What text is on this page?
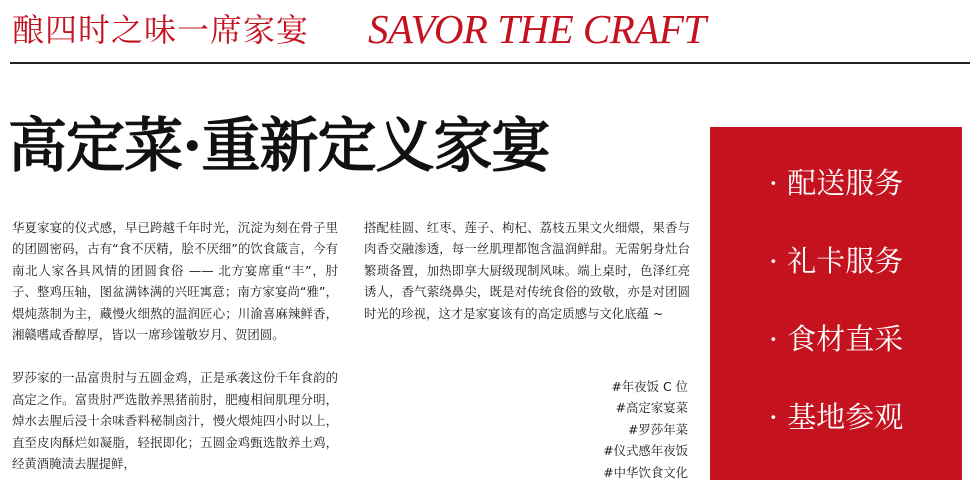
酿四时之味一席家宴 SAVOR THE CRAFT
高定菜·重新定义家宴

华夏家宴的仪式感，早已跨越千年时光，沉淀为刻在骨子里的团圆密码，古有“食不厌精，脍不厌细”的饮食箴言，今有南北人家各具风情的团圆食俗 —— 北方宴席重“丰”，肘子、整鸡压轴，图盆满钵满的兴旺寓意；南方家宴尚“雅”，煨炖蒸制为主，藏慢火细熬的温润匠心；川渝喜麻辣鲜香，湘赣嗜咸香醇厚，皆以一席珍馐敬岁月、贺团圆。

罗莎家的一品富贵肘与五圆金鸡，正是承袭这份千年食韵的高定之作。富贵肘严选散养黑猪前肘，肥瘦相间肌理分明，焯水去腥后浸十余味香料秘制卤汁，慢火煨炖四小时以上，直至皮肉酥烂如凝脂，轻抿即化；五圆金鸡甄选散养土鸡，经黄酒腌渍去腥提鲜，

搭配桂圆、红枣、莲子、枸杞、荔枝五果文火细煨，果香与肉香交融渗透，每一丝肌理都饱含温润鲜甜。无需躬身灶台繁琐备置，加热即享大厨级现制风味。端上桌时，色泽红亮诱人，香气萦绕鼻尖，既是对传统食俗的致敬，亦是对团圆时光的珍视，这才是家宴该有的高定质感与文化底蕴 ~

#年夜饭 C 位
#高定家宴菜
#罗莎年菜
#仪式感年夜饭
#中华饮食文化
· 配送服务
· 礼卡服务
· 食材直采
· 基地参观
